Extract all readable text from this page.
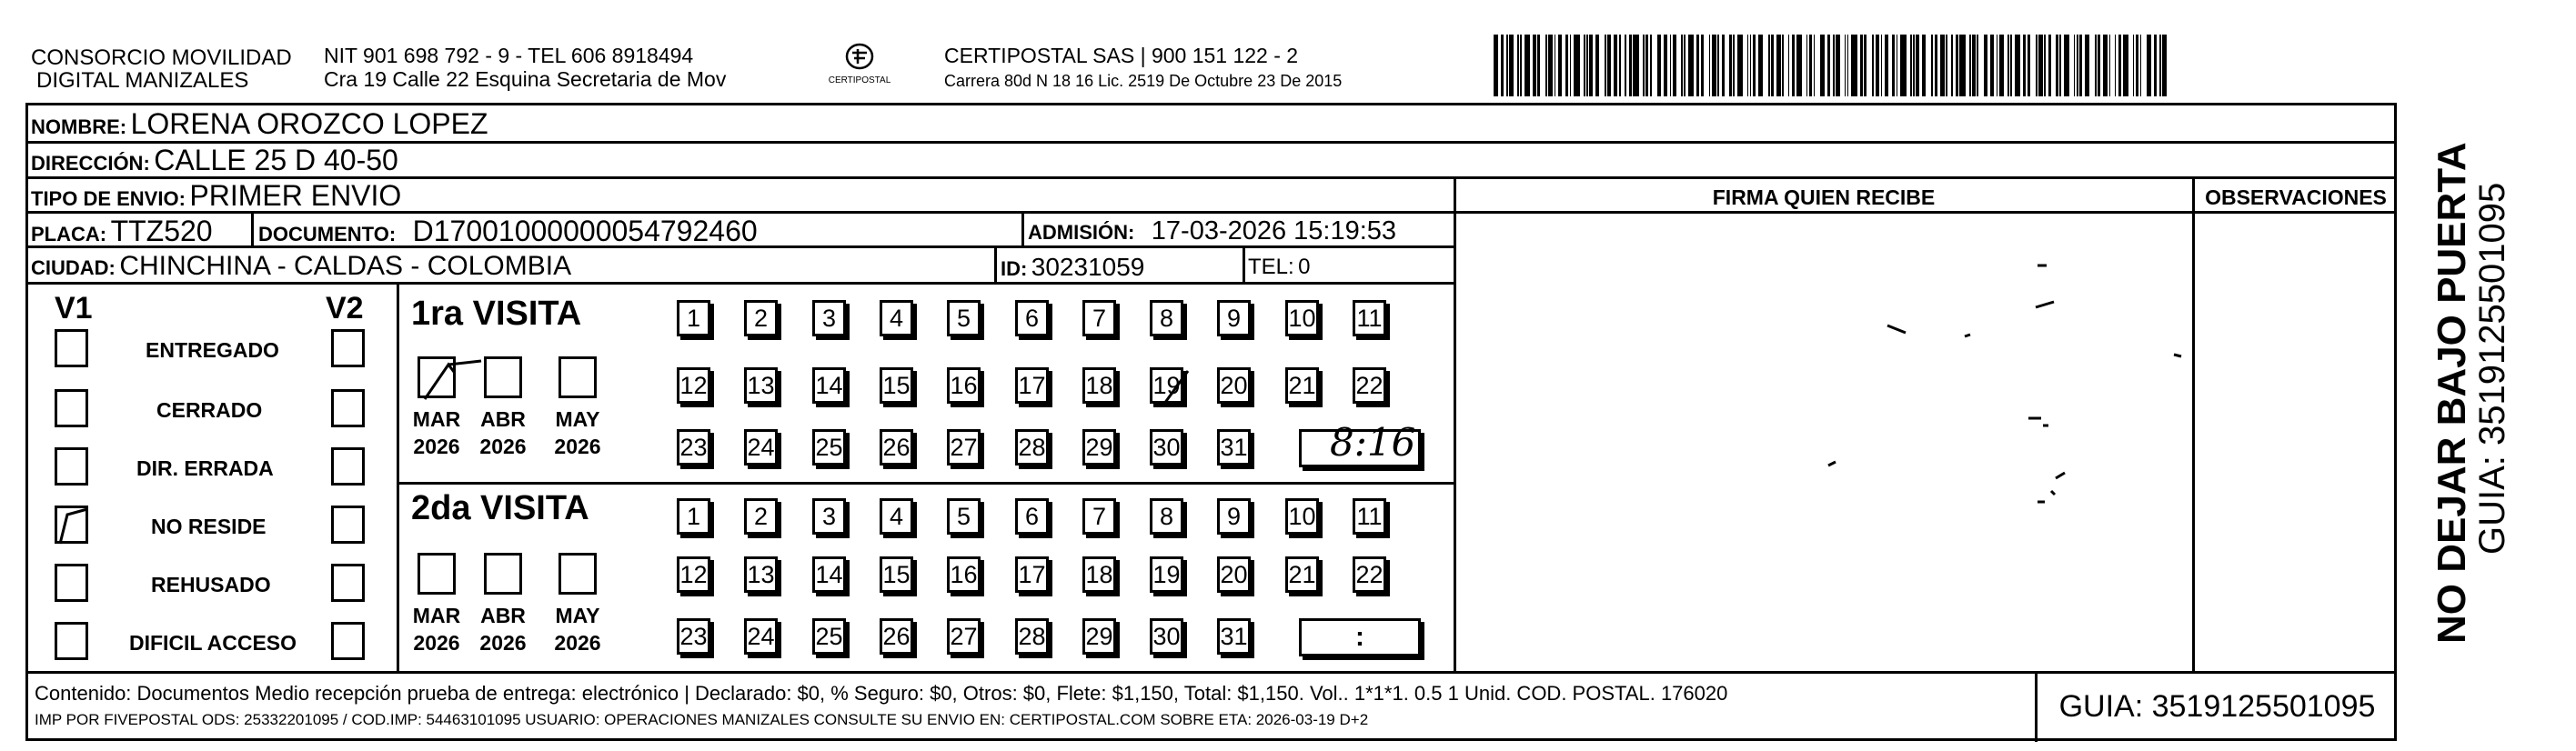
CONSORCIO MOVILIDAD
DIGITAL MANIZALES
NIT 901 698 792 - 9 - TEL 606 8918494
Cra 19 Calle 22 Esquina Secretaria de Mov	CERTIPOSTAL
CERTIPOSTAL SAS | 900 151 122 - 2
Carrera 80d N 18 16 Lic. 2519 De Octubre 23 De 2015
NOMBRE: LORENA OROZCO LOPEZ
DIRECCIÓN: CALLE 25 D 40-50
TIPO DE ENVIO: PRIMER ENVIO	FIRMA QUIEN RECIBE	OBSERVACIONES
PLACA: TTZ520 DOCUMENTO: D17001000000054792460	ADMISIÓN: 17-03-2026 15:19:53
CIUDAD: CHINCHINA - CALDAS - COLOMBIA	ID: 30231059	TEL: 0
V1	V2
ENTREGADO
CERRADO
DIR. ERRADA
NO RESIDE
REHUSADO
DIFICIL ACCESO
1ra VISITA
MAR
2026
ABR
2026
MAY
2026
1	2	3	4	5	6	7	8	9	10 11
12 13 14 15 16 17 18 19 20 21 22
23 24 25 26 27 28 29 30 31
2da VISITA
MAR
2026
ABR
2026
MAY
2026
1	2	3	4	5	6	7	8	9	10 11
12 13 14 15 16 17 18 19 20 21 22
23 24 25 26 27 28 29 30 31
8:16
:
Contenido: Documentos Medio recepción prueba de entrega: electrónico | Declarado: $0, % Seguro: $0, Otros: $0, Flete: $1,150, Total: $1,150. Vol.. 1*1*1. 0.5 1 Unid. COD. POSTAL. 176020
IMP POR FIVEPOSTAL ODS: 25332201095 / COD.IMP: 54463101095 USUARIO: OPERACIONES MANIZALES CONSULTE SU ENVIO EN: CERTIPOSTAL.COM SOBRE ETA: 2026-03-19 D+2	GUIA: 3519125501095
NO DEJAR BAJO PUERTA
GUIA: 3519125501095
